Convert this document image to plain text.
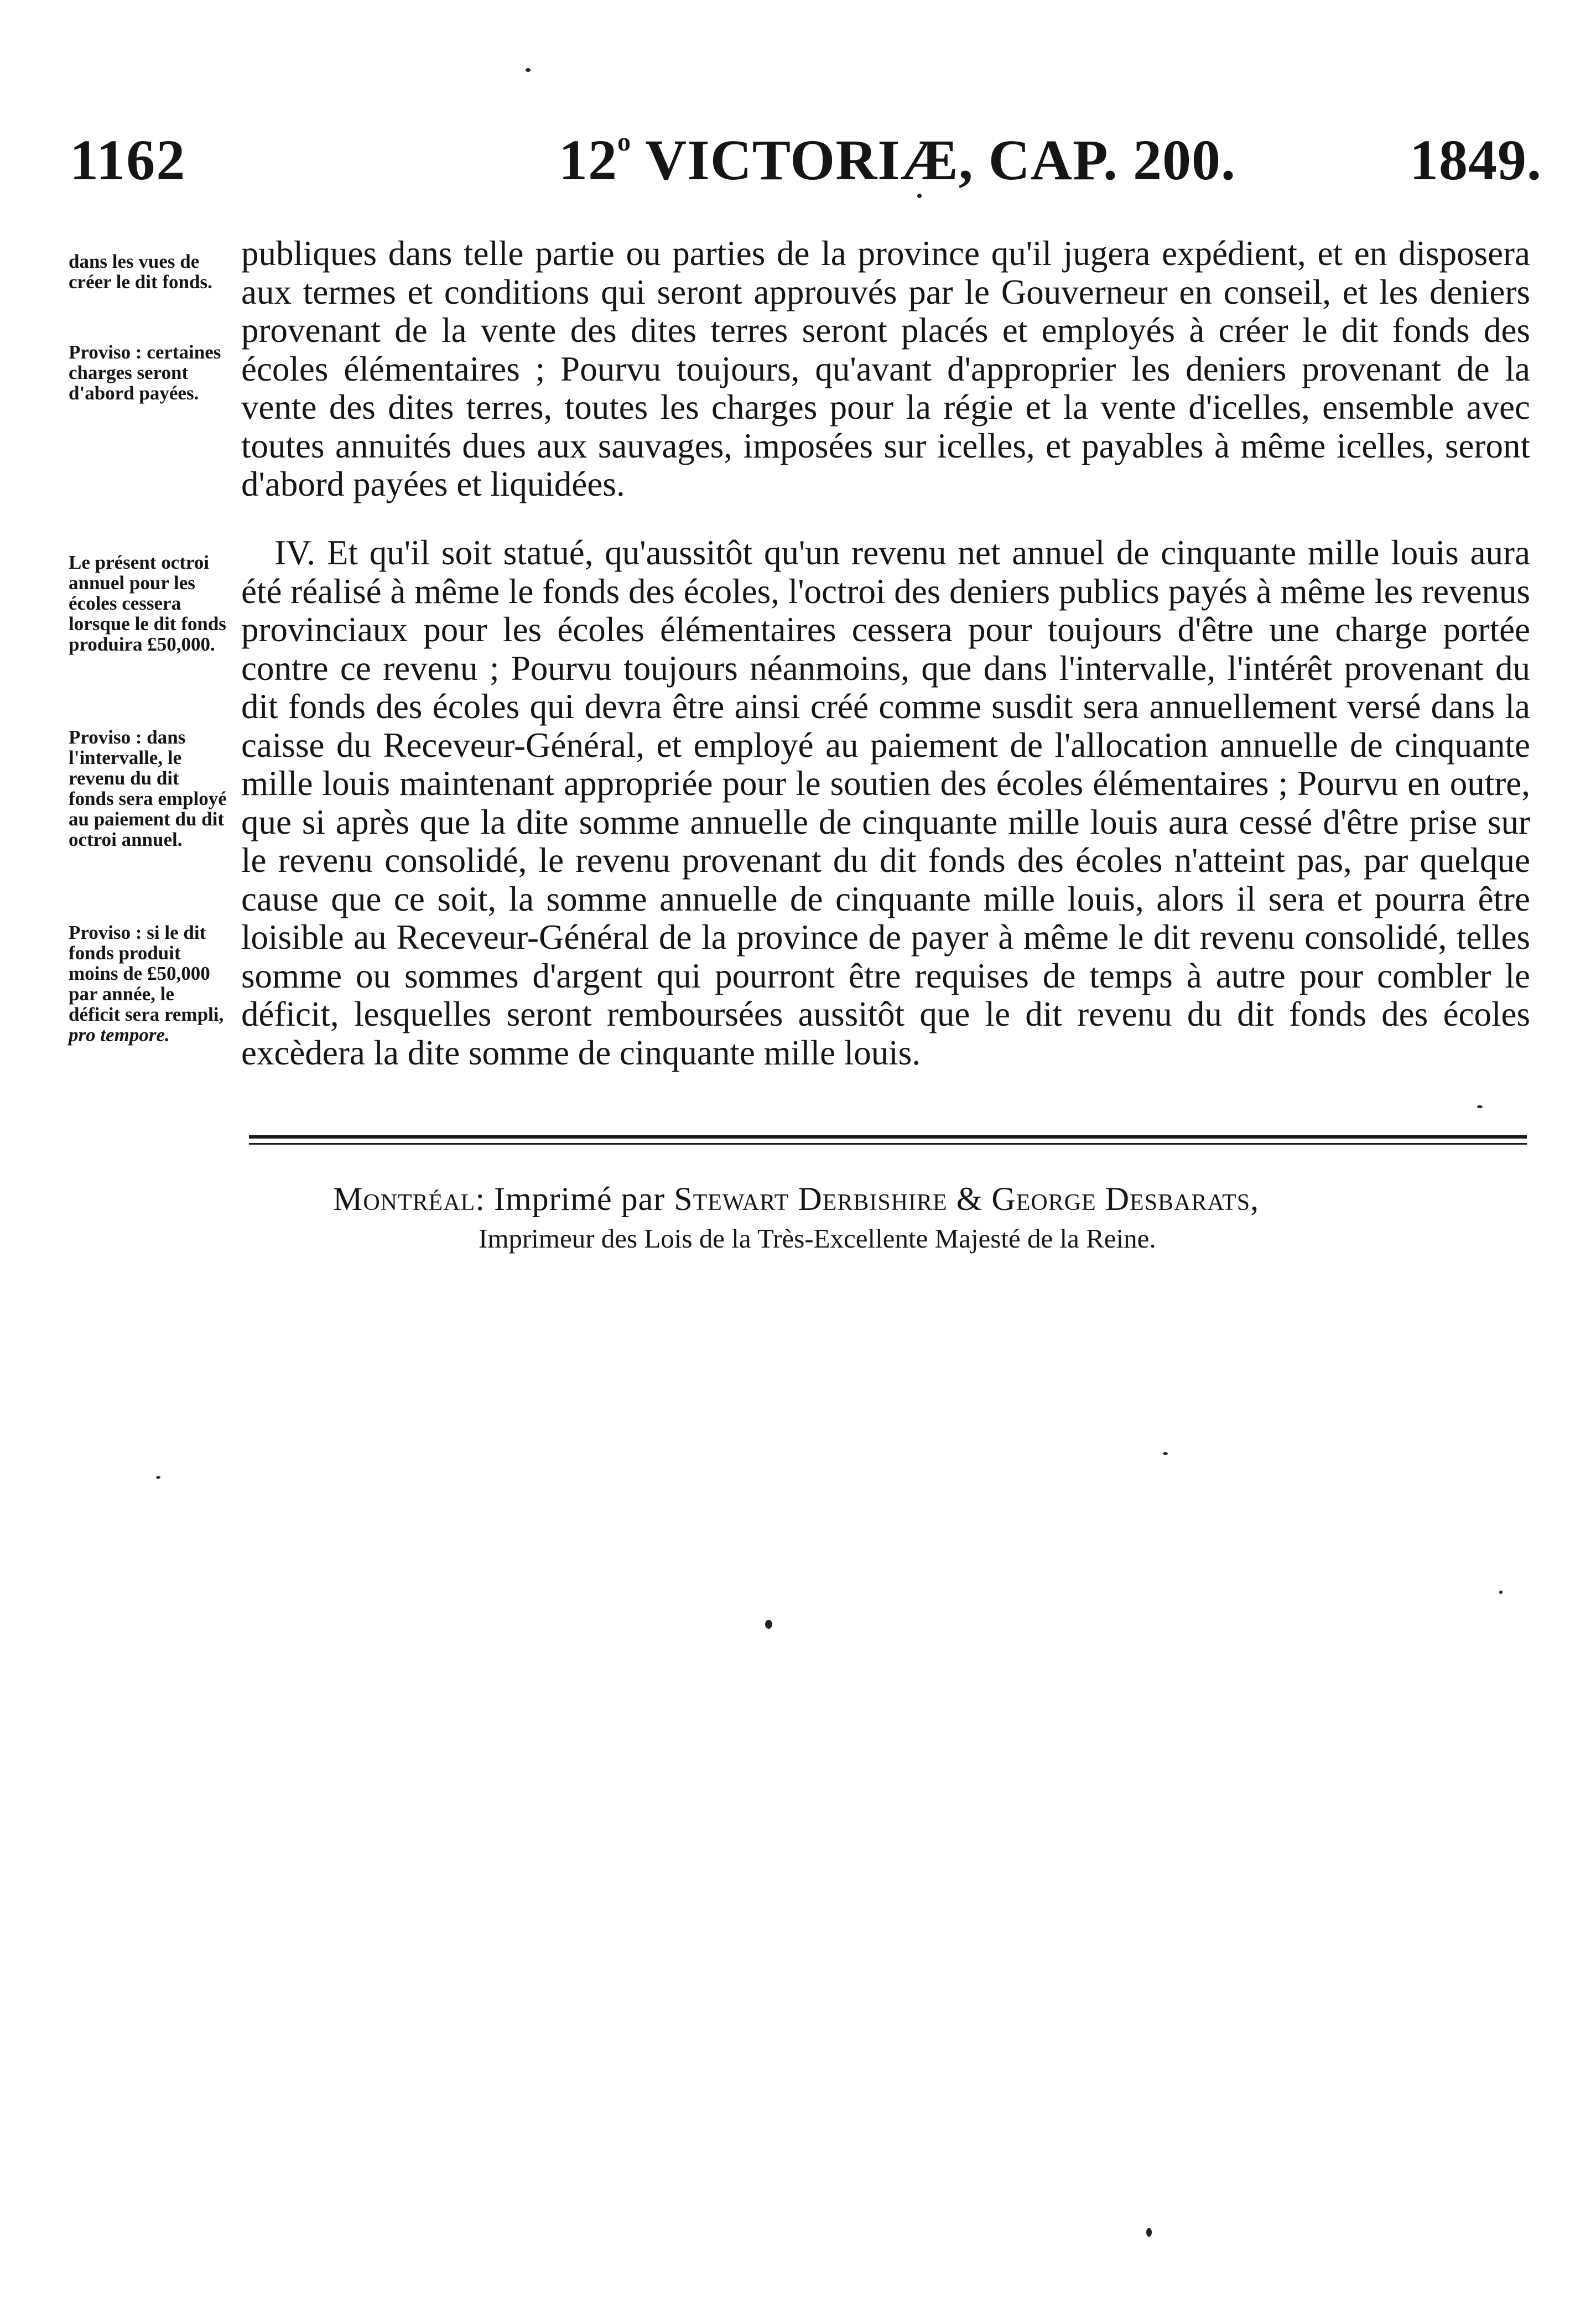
1162	12$^o$ VICTORIÆ, CAP. 200.	1849.

dans les vues de créer le dit fonds.

Proviso : certaines charges seront d'abord payées.

Le présent octroi annuel pour les écoles cessera lorsque le dit fonds produira £50,000.

Proviso : dans l'intervalle, le revenu du dit fonds sera employé au paiement du dit octroi annuel.

Proviso : si le dit fonds produit moins de £50,000 par année, le déficit sera rempli, pro tempore.

publiques dans telle partie ou parties de la province qu'il jugera expédient, et en disposera aux termes et conditions qui seront approuvés par le Gouverneur en conseil, et les deniers provenant de la vente des dites terres seront placés et employés à créer le dit fonds des écoles élémentaires ; Pourvu toujours, qu'avant d'approprier les deniers provenant de la vente des dites terres, toutes les charges pour la régie et la vente d'icelles, ensemble avec toutes annuités dues aux sauvages, imposées sur icelles, et payables à même icelles, seront d'abord payées et liquidées.

IV. Et qu'il soit statué, qu'aussitôt qu'un revenu net annuel de cinquante mille louis aura été réalisé à même le fonds des écoles, l'octroi des deniers publics payés à même les revenus provinciaux pour les écoles élémentaires cessera pour toujours d'être une charge portée contre ce revenu ; Pourvu toujours néanmoins, que dans l'intervalle, l'intérêt provenant du dit fonds des écoles qui devra être ainsi créé comme susdit sera annuellement versé dans la caisse du Receveur-Général, et employé au paiement de l'allocation annuelle de cinquante mille louis maintenant appropriée pour le soutien des écoles élémentaires ; Pourvu en outre, que si après que la dite somme annuelle de cinquante mille louis aura cessé d'être prise sur le revenu consolidé, le revenu provenant du dit fonds des écoles n'atteint pas, par quelque cause que ce soit, la somme annuelle de cinquante mille louis, alors il sera et pourra être loisible au Receveur-Général de la province de payer à même le dit revenu consolidé, telles somme ou sommes d'argent qui pourront être requises de temps à autre pour combler le déficit, lesquelles seront remboursées aussitôt que le dit revenu du dit fonds des écoles excèdera la dite somme de cinquante mille louis.

Montréal: Imprimé par Stewart Derbishire & George Desbarats,
Imprimeur des Lois de la Très-Excellente Majesté de la Reine.
